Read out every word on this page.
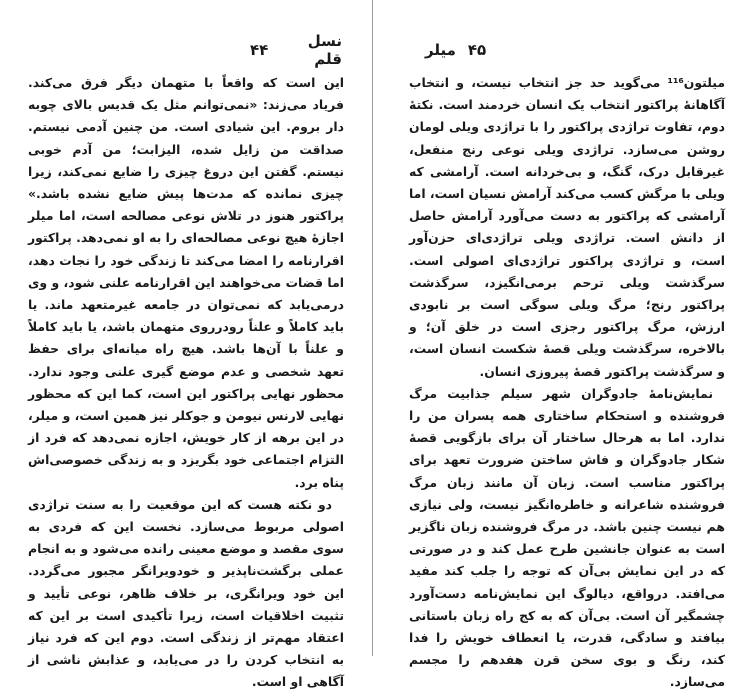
۴۴	نسل قلم

این است که واقعاً با متهمان دیگر فرق می‌کند. فریاد می‌زند: «نمی‌توانم مثل یک قدیس بالای چوبه دار بروم. این شیادی است. من چنین آدمی نیستم. صداقت من زایل شده، الیزابت؛ من آدم خوبی نیستم. گفتن این دروغ چیزی را ضایع نمی‌کند، زیرا چیزی نمانده که مدت‌ها پیش ضایع نشده باشد.» پراکتور هنوز در تلاش نوعی مصالحه است، اما میلر اجازهٔ هیچ نوعی مصالحه‌ای را به او نمی‌دهد. پراکتور اقرارنامه را امضا می‌کند تا زندگی خود را نجات دهد، اما قضات می‌خواهند این اقرارنامه علنی شود، و وی درمی‌یابد که نمی‌توان در جامعه غیرمتعهد ماند. یا باید کاملاً و علناً رودرروی متهمان باشد، یا باید کاملاً و علناً با آن‌ها باشد. هیچ راه میانه‌ای برای حفظ تعهد شخصی و عدم موضع گیری علنی وجود ندارد. محظور نهایی پراکتور این است، کما این که محظور نهایی لارنس نیومن و جوکلر نیز همین است، و میلر، در این برهه از کار خویش، اجازه نمی‌دهد که فرد از التزام اجتماعی خود بگریزد و به زندگی خصوصی‌اش پناه برد.

دو نکته هست که این موقعیت را به سنت تراژدی اصولی مربوط می‌سازد. نخست این که فردی به سوی مقصد و موضع معینی رانده می‌شود و به انجام عملی برگشت‌ناپذیر و خودویرانگر مجبور می‌گردد. این خود ویرانگری، بر خلاف ظاهر، نوعی تأیید و تثبیت اخلاقیات است، زیرا تأکیدی است بر این که اعتقاد مهم‌تر از زندگی است. دوم این که فرد نیاز به انتخاب کردن را در می‌یابد، و عذابش ناشی از آگاهی او است.

میلر ۴۵

میلتون¹¹⁶ می‌گوید حد جز انتخاب نیست، و انتخاب آگاهانهٔ پراکتور انتخاب یک انسان خردمند است. نکتهٔ دوم، تفاوت تراژدی پراکتور را با تراژدی ویلی لومان روشن می‌سازد. تراژدی ویلی نوعی رنج منفعل، غیرقابل درک، گنگ، و بی‌خردانه است. آرامشی که ویلی با مرگش کسب می‌کند آرامش نسیان است، اما آرامشی که پراکتور به دست می‌آورد آرامش حاصل از دانش است. تراژدی ویلی تراژدی‌ای حزن‌آور است، و تراژدی پراکتور تراژدی‌ای اصولی است. سرگذشت ویلی ترحم برمی‌انگیزد، سرگذشت پراکتور رنج؛ مرگ ویلی سوگی است بر نابودی ارزش، مرگ پراکتور رجزی است در خلق آن؛ و بالاخره، سرگذشت ویلی قصهٔ شکست انسان است، و سرگذشت پراکتور قصهٔ پیروزی انسان.

نمایش‌نامهٔ جادوگران شهر سیلم جذابیت مرگ فروشنده و استحکام ساختاری همه پسران من را ندارد. اما به هرحال ساختار آن برای بازگویی قصهٔ شکار جادوگران و فاش ساختن ضرورت تعهد برای پراکتور مناسب است. زبان آن مانند زبان مرگ فروشنده شاعرانه و خاطره‌انگیز نیست، ولی نیازی هم نیست چنین باشد. در مرگ فروشنده زبان ناگزیر است به عنوان جانشین طرح عمل کند و در صورتی که در این نمایش بی‌آن که توجه را جلب کند مفید می‌افتد. درواقع، دیالوگ این نمایش‌نامه دست‌آورد چشمگیر آن است. بی‌آن که به کج راه زبان باستانی بیافتد و سادگی، قدرت، یا انعطاف خویش را فدا کند، رنگ و بوی سخن قرن هفدهم را مجسم می‌سازد.
